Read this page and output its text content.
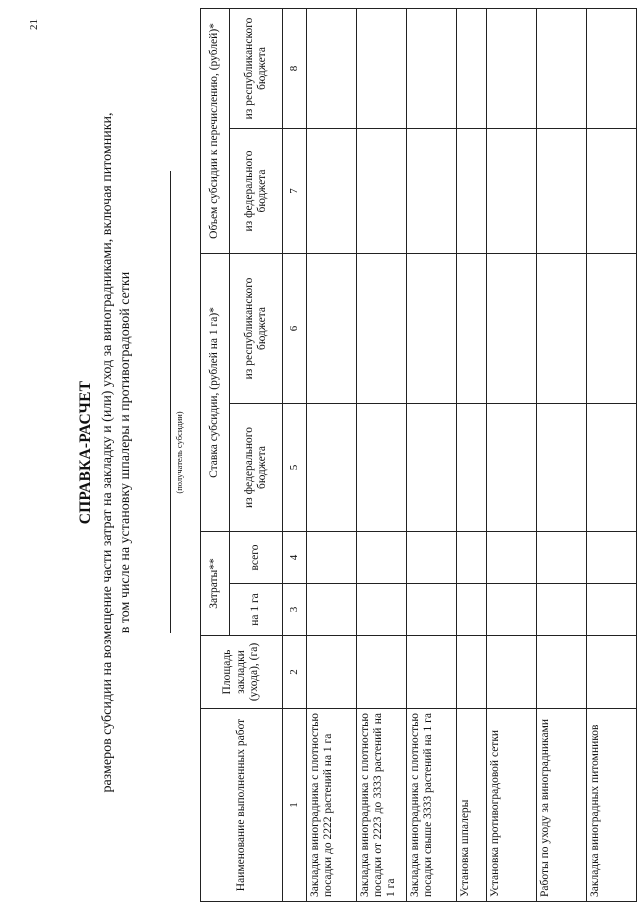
21
СПРАВКА-РАСЧЕТ размеров субсидии на возмещение части затрат на закладку и (или) уход за виноградниками, включая питомники, в том числе на установку шпалеры и противоградовой сетки	(получатель субсидии)
Наименование выполненных работ	Площадь закладки (ухода), (га)	Затраты**		Ставка субсидии, (рублей на 1 га)*		Объем субсидии к перечислению, (рублей)*	
		на 1 га	всего	из федерального бюджета	из республиканского бюджета	из федерального бюджета	из республиканского бюджета
1	2	3	4	5	6	7	8
Закладка виноградника с плотностью посадки до 2222 растений на 1 га							
Закладка виноградника с плотностью посадки от 2223 до 3333 растений на 1 га							
Закладка виноградника с плотностью посадки свыше 3333 растений на 1 га							
Установка шпалеры							
Установка противоградовой сетки							
Работы по уходу за виноградниками							
Закладка виноградных питомников							
